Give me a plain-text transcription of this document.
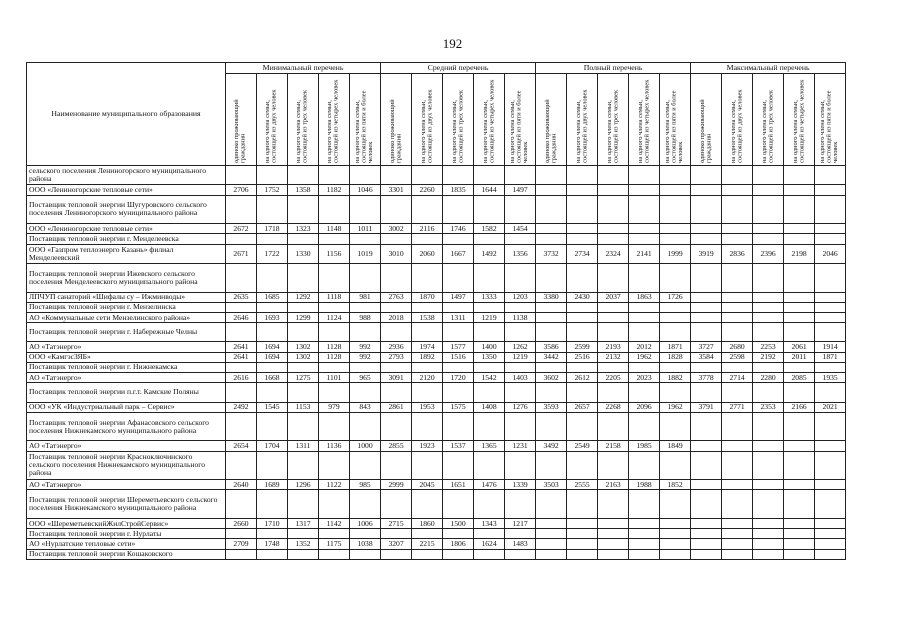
192
Наименование муниципального образования	Минимальный перечень					Средний перечень					Полный перечень					Максимальный перечень				
	одиноко проживающий гражданин	на одного члена семьи, состоящей из двух человек	на одного члена семьи, состоящей из трех человек	на одного члена семьи, состоящей из четырех человек	на одного члена семьи, состоящей из пяти и более человек	одиноко проживающий гражданин	на одного члена семьи, состоящей из двух человек	на одного члена семьи, состоящей из трех человек	на одного члена семьи, состоящей из четырех человек	на одного члена семьи, состоящей из пяти и более человек	одиноко проживающий гражданин	на одного члена семьи, состоящей из двух человек	на одного члена семьи, состоящей из трех человек	на одного члена семьи, состоящей из четырех человек	на одного члена семьи, состоящей из пяти и более человек	одиноко проживающий гражданин	на одного члена семьи, состоящей из двух человек	на одного члена семьи, состоящей из трех человек	на одного члена семьи, состоящей из четырех человек	на одного члена семьи, состоящей из пяти и более человек
сельского поселения Лениногорского муниципального района																				
ООО «Лениногорские тепловые сети»	2706	1752	1358	1182	1046	3301	2260	1835	1644	1497										
Поставщик тепловой энергии Шугуровского сельского поселения Лениногорского муниципального района																				
ООО «Лениногорские тепловые сети»	2672	1718	1323	1148	1011	3002	2116	1746	1582	1454										
Поставщик тепловой энергии г. Менделеевска																				
ООО «Газпром теплоэнерго Казань» филиал Менделеевский	2671	1722	1330	1156	1019	3010	2060	1667	1492	1356	3732	2734	2324	2141	1999	3919	2836	2396	2198	2046
Поставщик тепловой энергии Ижевского сельского поселения Менделеевского муниципального района																				
ЛПЧУП санаторий «Шифалы су – Ижминводы»	2635	1685	1292	1118	981	2763	1870	1497	1333	1203	3380	2430	2037	1863	1726					
Поставщик тепловой энергии г. Мензелинска																				
АО «Коммунальные сети Мензелинского района»	2646	1693	1299	1124	988	2018	1538	1311	1219	1138										
Поставщик тепловой энергии г. Набережные Челны																				
АО «Татэнерго»	2641	1694	1302	1128	992	2936	1974	1577	1400	1262	3586	2599	2193	2012	1871	3727	2680	2253	2061	1914
ООО «КамгэсЗЯБ»	2641	1694	1302	1128	992	2793	1892	1516	1350	1219	3442	2516	2132	1962	1828	3584	2598	2192	2011	1871
Поставщик тепловой энергии г. Нижнекамска																				
АО «Татэнерго»	2616	1668	1275	1101	965	3091	2120	1720	1542	1403	3602	2612	2205	2023	1882	3778	2714	2280	2085	1935
Поставщик тепловой энергии п.г.т. Камские Поляны																				
ООО «УК «Индустриальный парк – Сервис»	2492	1545	1153	979	843	2861	1953	1575	1408	1276	3593	2657	2268	2096	1962	3791	2771	2353	2166	2021
Поставщик тепловой энергии Афанасовского сельского поселения Нижнекамского муниципального района																				
АО «Татэнерго»	2654	1704	1311	1136	1000	2855	1923	1537	1365	1231	3492	2549	2158	1985	1849					
Поставщик тепловой энергии Красноключинского сельского поселения Нижнекамского муниципального района																				
АО «Татэнерго»	2640	1689	1296	1122	985	2999	2045	1651	1476	1339	3503	2555	2163	1988	1852					
Поставщик тепловой энергии Шереметьевского сельского поселения Нижнекамского муниципального района																				
ООО «ШереметьевскийЖилСтройСервис»	2660	1710	1317	1142	1006	2715	1860	1500	1343	1217										
Поставщик тепловой энергии г. Нурлаты																				
АО «Нурлатские тепловые сети»	2709	1748	1352	1175	1038	3207	2215	1806	1624	1483										
Поставщик тепловой энергии Кошаковского																				
